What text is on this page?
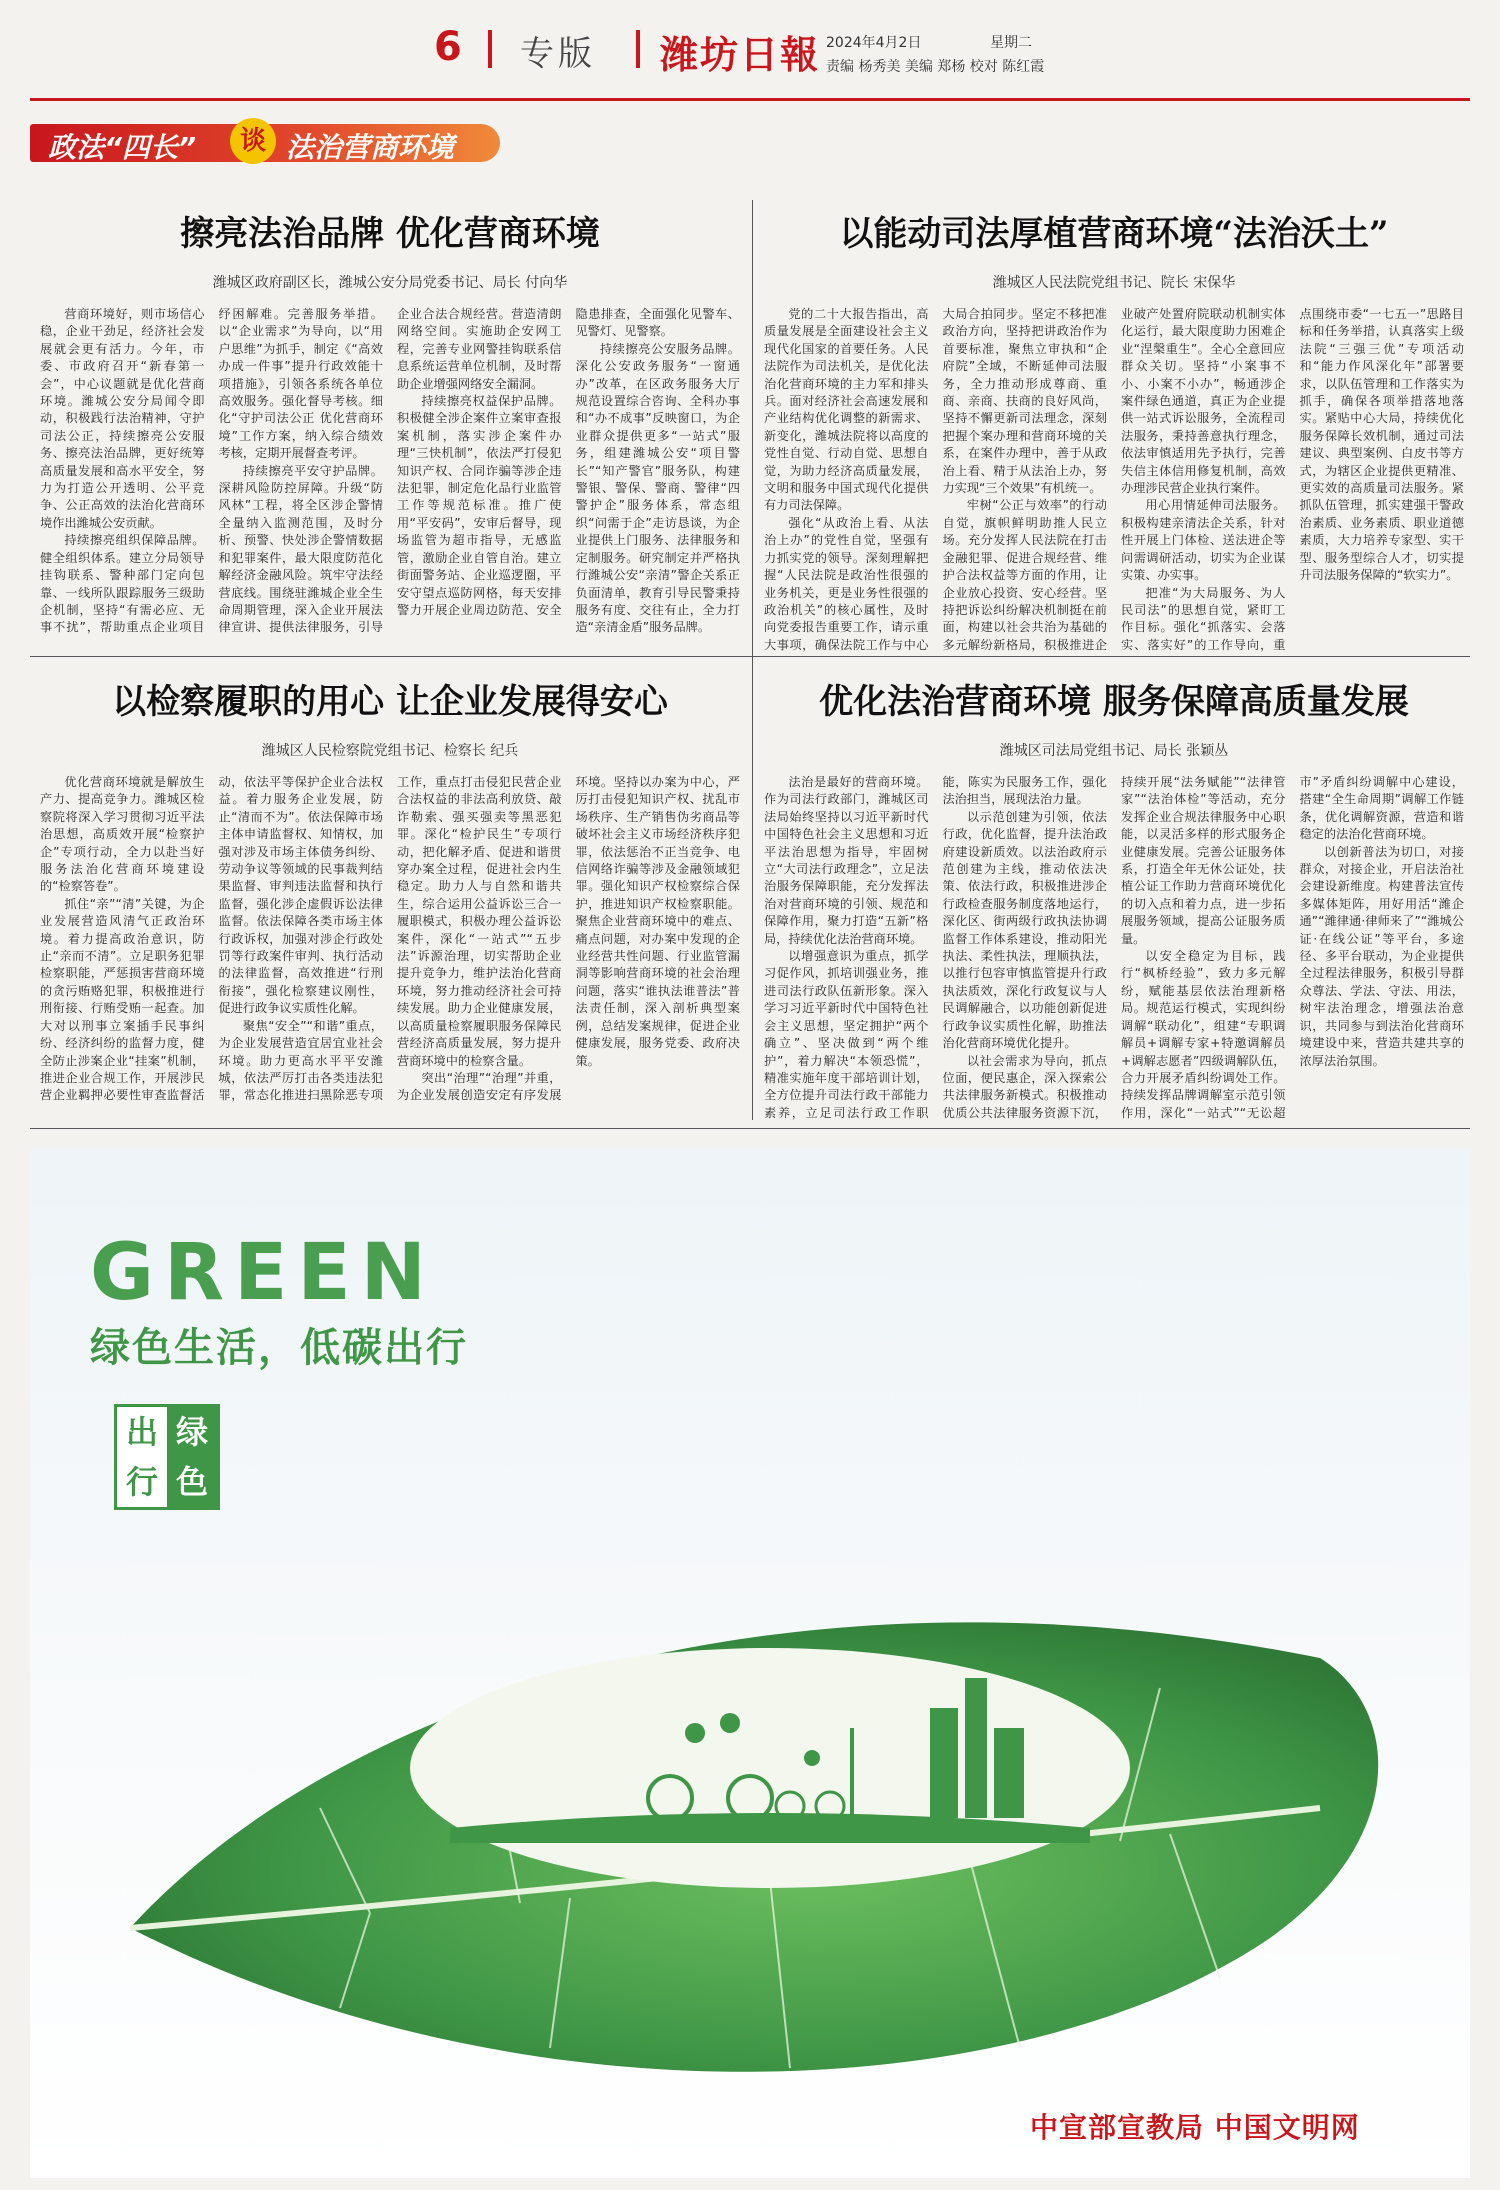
6 专版 潍坊日報 2024年4月2日	星期二
责编 杨秀美 美编 郑杨 校对 陈红霞
政法“四长”	谈 法治营商环境
擦亮法治品牌 优化营商环境
潍城区政府副区长，潍城公安分局党委书记、局长 付向华

营商环境好，则市场信心稳，企业干劲足，经济社会发展就会更有活力。今年，市委、市政府召开“新春第一会”，中心议题就是优化营商环境。潍城公安分局闻令即动，积极践行法治精神，守护司法公正，持续擦亮公安服务、擦亮法治品牌，更好统筹高质量发展和高水平安全，努力为打造公开透明、公平竞争、公正高效的法治化营商环境作出潍城公安贡献。

持续擦亮组织保障品牌。健全组织体系。建立分局领导挂钩联系、警种部门定向包靠、一线所队跟踪服务三级助企机制，坚持“有需必应、无事不扰”，帮助重点企业项目纾困解难。完善服务举措。以“企业需求”为导向，以“用户思维”为抓手，制定《“高效办成一件事”提升行政效能十项措施》，引领各系统各单位高效服务。强化督导考核。细化“守护司法公正 优化营商环境”工作方案，纳入综合绩效考核，定期开展督查考评。

持续擦亮平安守护品牌。深耕风险防控屏障。升级“防风林”工程，将全区涉企警情全量纳入监测范围，及时分析、预警、快处涉企警情数据和犯罪案件，最大限度防范化解经济金融风险。筑牢守法经营底线。围绕驻潍城企业全生命周期管理，深入企业开展法律宣讲、提供法律服务，引导企业合法合规经营。营造清朗网络空间。实施助企安网工程，完善专业网警挂钩联系信息系统运营单位机制，及时帮助企业增强网络安全漏洞。

持续擦亮权益保护品牌。积极健全涉企案件立案审查报案机制，落实涉企案件办理“三快机制”，依法严打侵犯知识产权、合同诈骗等涉企违法犯罪，制定危化品行业监管工作等规范标准。推广使用“平安码”，安审后督导，现场监管为超市指导，无感监管，激励企业自管自治。建立街面警务站、企业巡逻圈，平安守望点巡防网格，每天安排警力开展企业周边防范、安全隐患排查，全面强化见警车、见警灯、见警察。

持续擦亮公安服务品牌。深化公安政务服务“一窗通办”改革，在区政务服务大厅规范设置综合咨询、全科办事和“办不成事”反映窗口，为企业群众提供更多“一站式”服务，组建潍城公安“项目警长”“知产警官”服务队，构建警银、警保、警商、警律“四警护企”服务体系，常态组织“问需于企”走访恳谈，为企业提供上门服务、法律服务和定制服务。研究制定并严格执行潍城公安“亲清”警企关系正负面清单，教育引导民警秉持服务有度、交往有止，全力打造“亲清金盾”服务品牌。

以能动司法厚植营商环境“法治沃土”
潍城区人民法院党组书记、院长 宋保华

党的二十大报告指出，高质量发展是全面建设社会主义现代化国家的首要任务。人民法院作为司法机关，是优化法治化营商环境的主力军和排头兵。面对经济社会高速发展和产业结构优化调整的新需求、新变化，潍城法院将以高度的党性自觉、行动自觉、思想自觉，为助力经济高质量发展，文明和服务中国式现代化提供有力司法保障。

强化“从政治上看、从法治上办”的党性自觉，坚强有力抓实党的领导。深刻理解把握“人民法院是政治性很强的业务机关，更是业务性很强的政治机关”的核心属性，及时向党委报告重要工作，请示重大事项，确保法院工作与中心大局合拍同步。坚定不移把准政治方向，坚持把讲政治作为首要标准，聚焦立审执和“企府院”全域，不断延伸司法服务，全力推动形成尊商、重商、亲商、扶商的良好风尚，坚持不懈更新司法理念，深刻把握个案办理和营商环境的关系，在案件办理中，善于从政治上看、精于从法治上办，努力实现“三个效果”有机统一。

牢树“公正与效率”的行动自觉，旗帜鲜明助推人民立场。充分发挥人民法院在打击金融犯罪、促进合规经营、维护合法权益等方面的作用，让企业放心投资、安心经营。坚持把诉讼纠纷解决机制挺在前面，构建以社会共治为基础的多元解纷新格局，积极推进企业破产处置府院联动机制实体化运行，最大限度助力困难企业“涅槃重生”。全心全意回应群众关切。坚持“小案事不小、小案不小办”，畅通涉企案件绿色通道，真正为企业提供一站式诉讼服务，全流程司法服务，秉持善意执行理念，依法审慎适用先予执行，完善失信主体信用修复机制，高效办理涉民营企业执行案件。

用心用情延伸司法服务。积极构建亲清法企关系，针对性开展上门体检、送法进企等问需调研活动，切实为企业谋实策、办实事。

把准“为大局服务、为人民司法”的思想自觉，紧盯工作目标。强化“抓落实、会落实、落实好”的工作导向，重点围绕市委“一七五一”思路目标和任务举措，认真落实上级法院“三强三优”专项活动和“能力作风深化年”部署要求，以队伍管理和工作落实为抓手，确保各项举措落地落实。紧贴中心大局，持续优化服务保障长效机制，通过司法建议、典型案例、白皮书等方式，为辖区企业提供更精准、更实效的高质量司法服务。紧抓队伍管理，抓实建强干警政治素质、业务素质、职业道德素质，大力培养专家型、实干型、服务型综合人才，切实提升司法服务保障的“软实力”。

以检察履职的用心 让企业发展得安心
潍城区人民检察院党组书记、检察长 纪兵

优化营商环境就是解放生产力、提高竞争力。潍城区检察院将深入学习贯彻习近平法治思想，高质效开展“检察护企”专项行动，全力以赴当好服务法治化营商环境建设的“检察答卷”。

抓住“亲”“清”关键，为企业发展营造风清气正政治环境。着力提高政治意识，防止“亲而不清”。立足职务犯罪检察职能，严惩损害营商环境的贪污贿赂犯罪，积极推进行刑衔接、行贿受贿一起查。加大对以刑事立案插手民事纠纷、经济纠纷的监督力度，健全防止涉案企业“挂案”机制，推进企业合规工作，开展涉民营企业羁押必要性审查监督活动，依法平等保护企业合法权益。着力服务企业发展，防止“清而不为”。依法保障市场主体申请监督权、知情权，加强对涉及市场主体债务纠纷、劳动争议等领域的民事裁判结果监督、审判违法监督和执行监督，强化涉企虚假诉讼法律监督。依法保障各类市场主体行政诉权，加强对涉企行政处罚等行政案件审判、执行活动的法律监督，高效推进“行刑衔接”，强化检察建议刚性，促进行政争议实质性化解。

聚焦“安全”“和谐”重点，为企业发展营造宜居宜业社会环境。助力更高水平平安潍城，依法严厉打击各类违法犯罪，常态化推进扫黑除恶专项工作，重点打击侵犯民营企业合法权益的非法高利放贷、敲诈勒索、强买强卖等黑恶犯罪。深化“检护民生”专项行动，把化解矛盾、促进和谐贯穿办案全过程，促进社会内生稳定。助力人与自然和谐共生，综合运用公益诉讼三合一履职模式，积极办理公益诉讼案件，深化“一站式”“五步法”诉源治理，切实帮助企业提升竞争力，维护法治化营商环境，努力推动经济社会可持续发展。助力企业健康发展，以高质量检察履职服务保障民营经济高质量发展，努力提升营商环境中的检察含量。

突出“治理”“治理”并重，为企业发展创造安定有序发展环境。坚持以办案为中心，严厉打击侵犯知识产权、扰乱市场秩序、生产销售伪劣商品等破坏社会主义市场经济秩序犯罪，依法惩治不正当竞争、电信网络诈骗等涉及金融领域犯罪。强化知识产权检察综合保护，推进知识产权检察职能。聚焦企业营商环境中的难点、痛点问题，对办案中发现的企业经营共性问题、行业监管漏洞等影响营商环境的社会治理问题，落实“谁执法谁普法”普法责任制，深入剖析典型案例，总结发案规律，促进企业健康发展，服务党委、政府决策。

优化法治营商环境 服务保障高质量发展
潍城区司法局党组书记、局长 张颖丛

法治是最好的营商环境。作为司法行政部门，潍城区司法局始终坚持以习近平新时代中国特色社会主义思想和习近平法治思想为指导，牢固树立“大司法行政理念”，立足法治服务保障职能，充分发挥法治对营商环境的引领、规范和保障作用，聚力打造“五新”格局，持续优化法治营商环境。

以增强意识为重点，抓学习促作风，抓培训强业务，推进司法行政队伍新形象。深入学习习近平新时代中国特色社会主义思想，坚定拥护“两个确立”、坚决做到“两个维护”，着力解决“本领恐慌”，精准实施年度干部培训计划，全方位提升司法行政干部能力素养，立足司法行政工作职能，陈实为民服务工作，强化法治担当，展现法治力量。

以示范创建为引领，依法行政，优化监督，提升法治政府建设新质效。以法治政府示范创建为主线，推动依法决策、依法行政，积极推进涉企行政检查服务制度落地运行，深化区、街两级行政执法协调监督工作体系建设，推动阳光执法、柔性执法，理顺执法，以推行包容审慎监管提升行政执法质效，深化行政复议与人民调解融合，以功能创新促进行政争议实质性化解，助推法治化营商环境优化提升。

以社会需求为导向，抓点位面，便民惠企，深入探索公共法律服务新模式。积极推动优质公共法律服务资源下沉，持续开展“法务赋能”“法律管家”“法治体检”等活动，充分发挥企业合规法律服务中心职能，以灵活多样的形式服务企业健康发展。完善公证服务体系，打造全年无休公证处，扶植公证工作助力营商环境优化的切入点和着力点，进一步拓展服务领域，提高公证服务质量。

以安全稳定为目标，践行“枫桥经验”，致力多元解纷，赋能基层依法治理新格局。规范运行模式，实现纠纷调解“联动化”，组建“专职调解员+调解专家+特邀调解员+调解志愿者”四级调解队伍，合力开展矛盾纠纷调处工作。持续发挥品牌调解室示范引领作用，深化“一站式”“无讼超市”矛盾纠纷调解中心建设，搭建“全生命周期”调解工作链条，优化调解资源，营造和谐稳定的法治化营商环境。

以创新普法为切口，对接群众，对接企业，开启法治社会建设新维度。构建普法宣传多媒体矩阵，用好用活“潍企通”“潍律通·律师来了”“潍城公证·在线公证”等平台，多途径、多平台联动，为企业提供全过程法律服务，积极引导群众尊法、学法、守法、用法，树牢法治理念，增强法治意识，共同参与到法治化营商环境建设中来，营造共建共享的浓厚法治氛围。

GREEN
绿色生活，低碳出行
出 绿
行 色
中宣部宣教局 中国文明网
